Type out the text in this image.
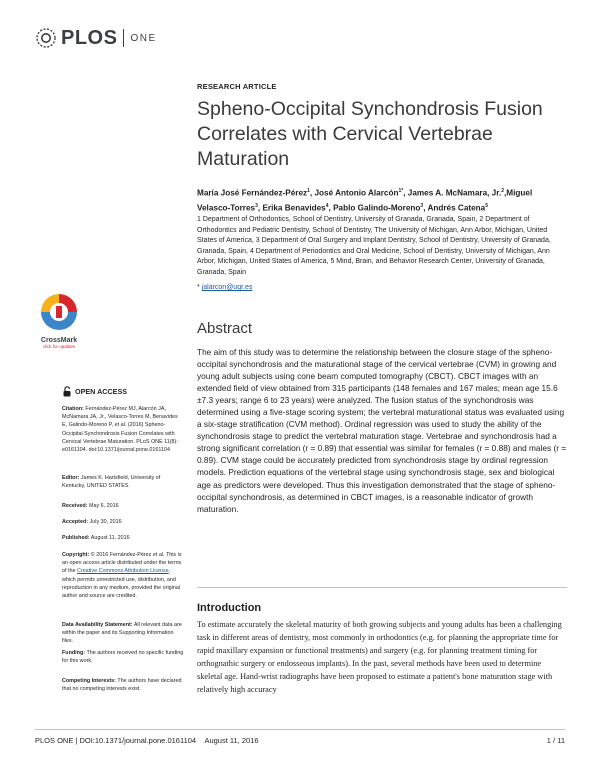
PLOS ONE
RESEARCH ARTICLE
Spheno-Occipital Synchondrosis Fusion Correlates with Cervical Vertebrae Maturation
María José Fernández-Pérez$^1$, José Antonio Alarcón$^{1*}$, James A. McNamara, Jr.$^2$,Miguel Velasco-Torres$^3$, Erika Benavides$^4$, Pablo Galindo-Moreno$^3$, Andrés Catena$^5$
1 Department of Orthodontics, School of Dentistry, University of Granada, Granada, Spain, 2 Department of Orthodontics and Pediatric Dentistry, School of Dentistry, The University of Michigan, Ann Arbor, Michigan, United States of America, 3 Department of Oral Surgery and Implant Dentistry, School of Dentistry, University of Granada, Granada, Spain, 4 Department of Periodontics and Oral Medicine, School of Dentistry, University of Michigan, Ann Arbor, Michigan, United States of America, 5 Mind, Brain, and Behavior Research Center, University of Granada, Granada, Spain
* jalarcon@ugr.es
Abstract
The aim of this study was to determine the relationship between the closure stage of the spheno-occipital synchondrosis and the maturational stage of the cervical vertebrae (CVM) in growing and young adult subjects using cone beam computed tomography (CBCT). CBCT images with an extended field of view obtained from 315 participants (148 females and 167 males; mean age 15.6 ±7.3 years; range 6 to 23 years) were analyzed. The fusion status of the synchondrosis was determined using a five-stage scoring system; the vertebral maturational status was evaluated using a six-stage stratification (CVM method). Ordinal regression was used to study the ability of the synchondrosis stage to predict the vertebral maturation stage. Vertebrae and synchondrosis had a strong significant correlation (r = 0.89) that essential was similar for females (r = 0.88) and males (r = 0.89). CVM stage could be accurately predicted from synchondrosis stage by ordinal regression models. Prediction equations of the vertebral stage using synchondrosis stage, sex and biological age as predictors were developed. Thus this investigation demonstrated that the stage of spheno-occipital synchondrosis, as determined in CBCT images, is a reasonable indicator of growth maturation.
Introduction
To estimate accurately the skeletal maturity of both growing subjects and young adults has been a challenging task in different areas of dentistry, most commonly in orthodontics (e.g. for planning the appropriate time for rapid maxillary expansion or functional treatments) and surgery (e.g. for planning treatment timing for orthognathic surgery or endosseous implants). In the past, several methods have been used to determine skeletal age. Hand-wrist radiographs have been proposed to estimate a patient's bone maturation stage with relatively high accuracy
CrossMark
click for updates
OPEN ACCESS
Citation: Fernández-Pérez MJ, Alarcón JA, McNamara JA, Jr., Velasco-Torres M, Benavides E, Galindo-Moreno P, et al. (2016) Spheno-Occipital Synchondrosis Fusion Correlates with Cervical Vertebrae Maturation. PLoS ONE 11(8): e0161104. doi:10.1371/journal.pone.0161104
Editor: James K. Hartsfield, University of Kentucky, UNITED STATES
Received: May 6, 2016
Accepted: July 30, 2016
Published: August 11, 2016
Copyright: © 2016 Fernández-Pérez et al. This is an open access article distributed under the terms of the Creative Commons Attribution License, which permits unrestricted use, distribution, and reproduction in any medium, provided the original author and source are credited.
Data Availability Statement: All relevant data are within the paper and its Supporting Information files.
Funding: The authors received no specific funding for this work.
Competing Interests: The authors have declared that no competing interests exist.
PLOS ONE | DOI:10.1371/journal.pone.0161104 August 11, 2016	1 / 11
